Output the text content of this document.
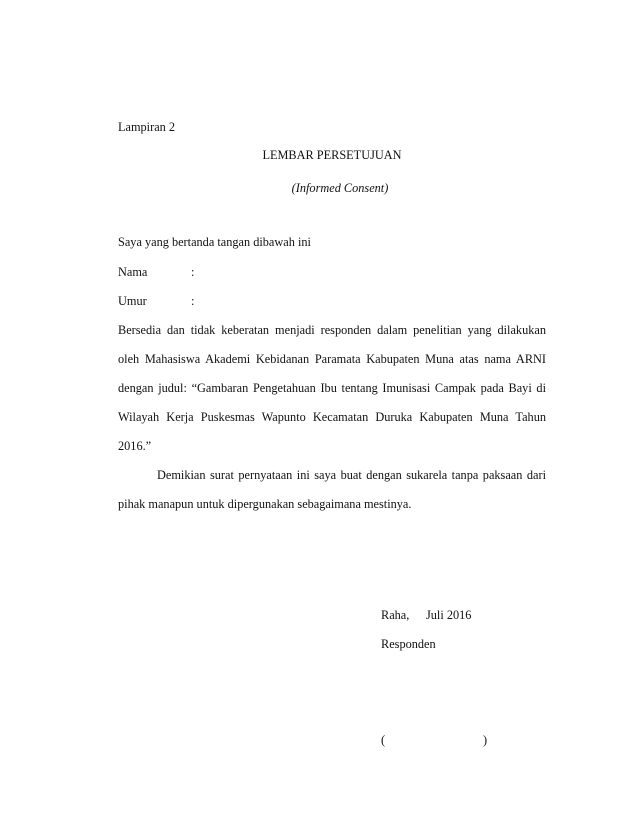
Lampiran 2
LEMBAR PERSETUJUAN
(Informed Consent)
Saya yang bertanda tangan dibawah ini
Nama	:
Umur	:
Bersedia dan tidak keberatan menjadi responden dalam penelitian yang dilakukan
oleh Mahasiswa Akademi Kebidanan Paramata Kabupaten Muna atas nama ARNI
dengan judul: “Gambaran Pengetahuan Ibu tentang Imunisasi Campak pada Bayi di
Wilayah Kerja Puskesmas Wapunto Kecamatan Duruka Kabupaten Muna Tahun
2016.”
Demikian surat pernyataan ini saya buat dengan sukarela tanpa paksaan dari
pihak manapun untuk dipergunakan sebagaimana mestinya.
Raha, Juli 2016
Responden
(	)
